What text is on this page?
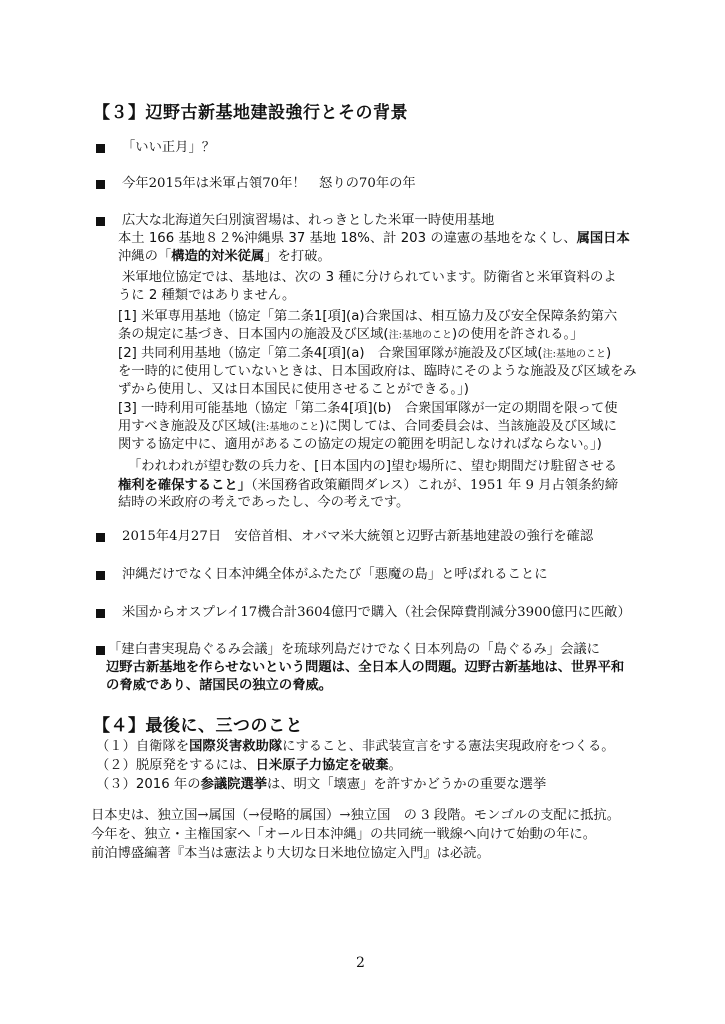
【３】辺野古新基地建設強行とその背景
「いい正月」？
今年2015年は米軍占領70年！　怒りの70年の年
広大な北海道矢臼別演習場は、れっきとした米軍一時使用基地
本土 166 基地８２%沖縄県 37 基地 18%、計 203 の違憲の基地をなくし、属国日本
沖縄の「構造的対米従属」を打破。
米軍地位協定では、基地は、次の 3 種に分けられています。防衛省と米軍資料のよ
うに 2 種類ではありません。
[1] 米軍専用基地（協定「第二条1[項](a)合衆国は、相互協力及び安全保障条約第六
条の規定に基づき、日本国内の施設及び区域(注:基地のこと)の使用を許される。」
[2] 共同利用基地（協定「第二条4[項](a)　合衆国軍隊が施設及び区域(注:基地のこと)
を一時的に使用していないときは、日本国政府は、臨時にそのような施設及び区域をみ
ずから使用し、又は日本国民に使用させることができる。」)
[3] 一時利用可能基地（協定「第二条4[項](b)　合衆国軍隊が一定の期間を限って使
用すべき施設及び区域(注:基地のこと)に関しては、合同委員会は、当該施設及び区域に
関する協定中に、適用があるこの協定の規定の範囲を明記しなければならない。」)
「われわれが望む数の兵力を、[日本国内の]望む場所に、望む期間だけ駐留させる
権利を確保すること」（米国務省政策顧問ダレス）これが、1951 年 9 月占領条約締
結時の米政府の考えであったし、今の考えです。
2015年4月27日　安倍首相、オバマ米大統領と辺野古新基地建設の強行を確認
沖縄だけでなく日本沖縄全体がふたたび「悪魔の島」と呼ばれることに
米国からオスプレイ17機合計3604億円で購入（社会保障費削減分3900億円に匹敵）
「建白書実現島ぐるみ会議」を琉球列島だけでなく日本列島の「島ぐるみ」会議に
辺野古新基地を作らせないという問題は、全日本人の問題。辺野古新基地は、世界平和
の脅威であり、諸国民の独立の脅威。
【４】最後に、三つのこと
（１）自衛隊を国際災害救助隊にすること、非武装宣言をする憲法実現政府をつくる。
（２）脱原発をするには、日米原子力協定を破棄。
（３）2016 年の参議院選挙は、明文「壊憲」を許すかどうかの重要な選挙
日本史は、独立国→属国（→侵略的属国）→独立国　の 3 段階。モンゴルの支配に抵抗。
今年を、独立・主権国家へ「オール日本沖縄」の共同統一戦線へ向けて始動の年に。
前泊博盛編著『本当は憲法より大切な日米地位協定入門』は必読。
2
